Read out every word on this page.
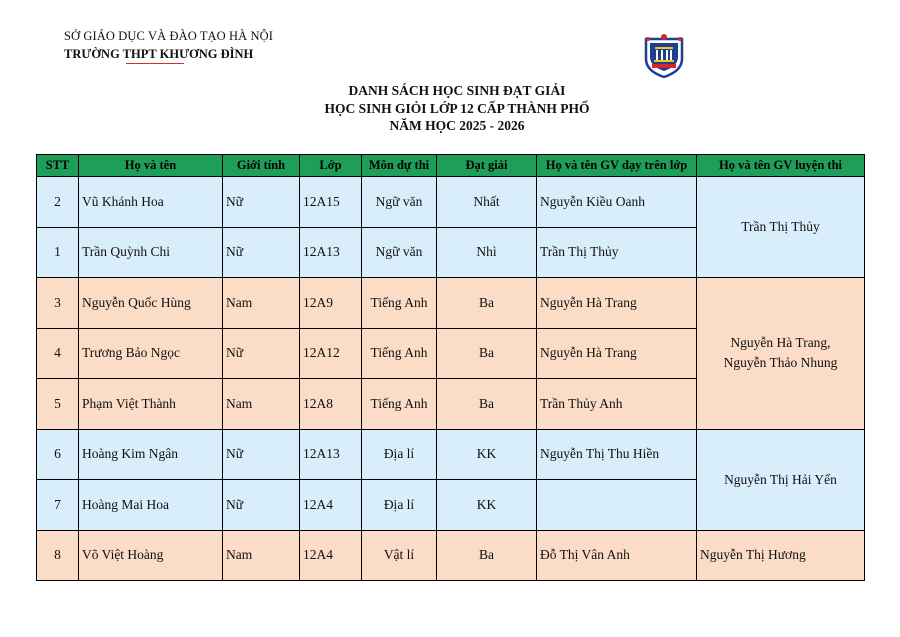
SỞ GIÁO DỤC VÀ ĐÀO TẠO HÀ NỘI
TRƯỜNG THPT KHƯƠNG ĐÌNH
DANH SÁCH HỌC SINH ĐẠT GIẢI
HỌC SINH GIỎI LỚP 12 CẤP THÀNH PHỐ
NĂM HỌC 2025 - 2026
STT	Họ và tên	Giới tính	Lớp	Môn dự thi	Đạt giải	Họ và tên GV dạy trên lớp	Họ và tên GV luyện thi
2	Vũ Khánh Hoa	Nữ	12A15	Ngữ văn	Nhất	Nguyễn Kiều Oanh	Trần Thị Thủy
1	Trần Quỳnh Chi	Nữ	12A13	Ngữ văn	Nhì	Trần Thị Thủy	
3	Nguyễn Quốc Hùng	Nam	12A9	Tiếng Anh	Ba	Nguyễn Hà Trang	Nguyễn Hà Trang,
Nguyễn Thảo Nhung

4	Trương Bảo Ngọc	Nữ	12A12	Tiếng Anh	Ba	Nguyễn Hà Trang	
5	Phạm Việt Thành	Nam	12A8	Tiếng Anh	Ba	Trần Thủy Anh	
6	Hoàng Kim Ngân	Nữ	12A13	Địa lí	KK	Nguyễn Thị Thu Hiền	Nguyễn Thị Hải Yến
7	Hoàng Mai Hoa	Nữ	12A4	Địa lí	KK		
8	Võ Việt Hoàng	Nam	12A4	Vật lí	Ba	Đỗ Thị Vân Anh	Nguyễn Thị Hương
